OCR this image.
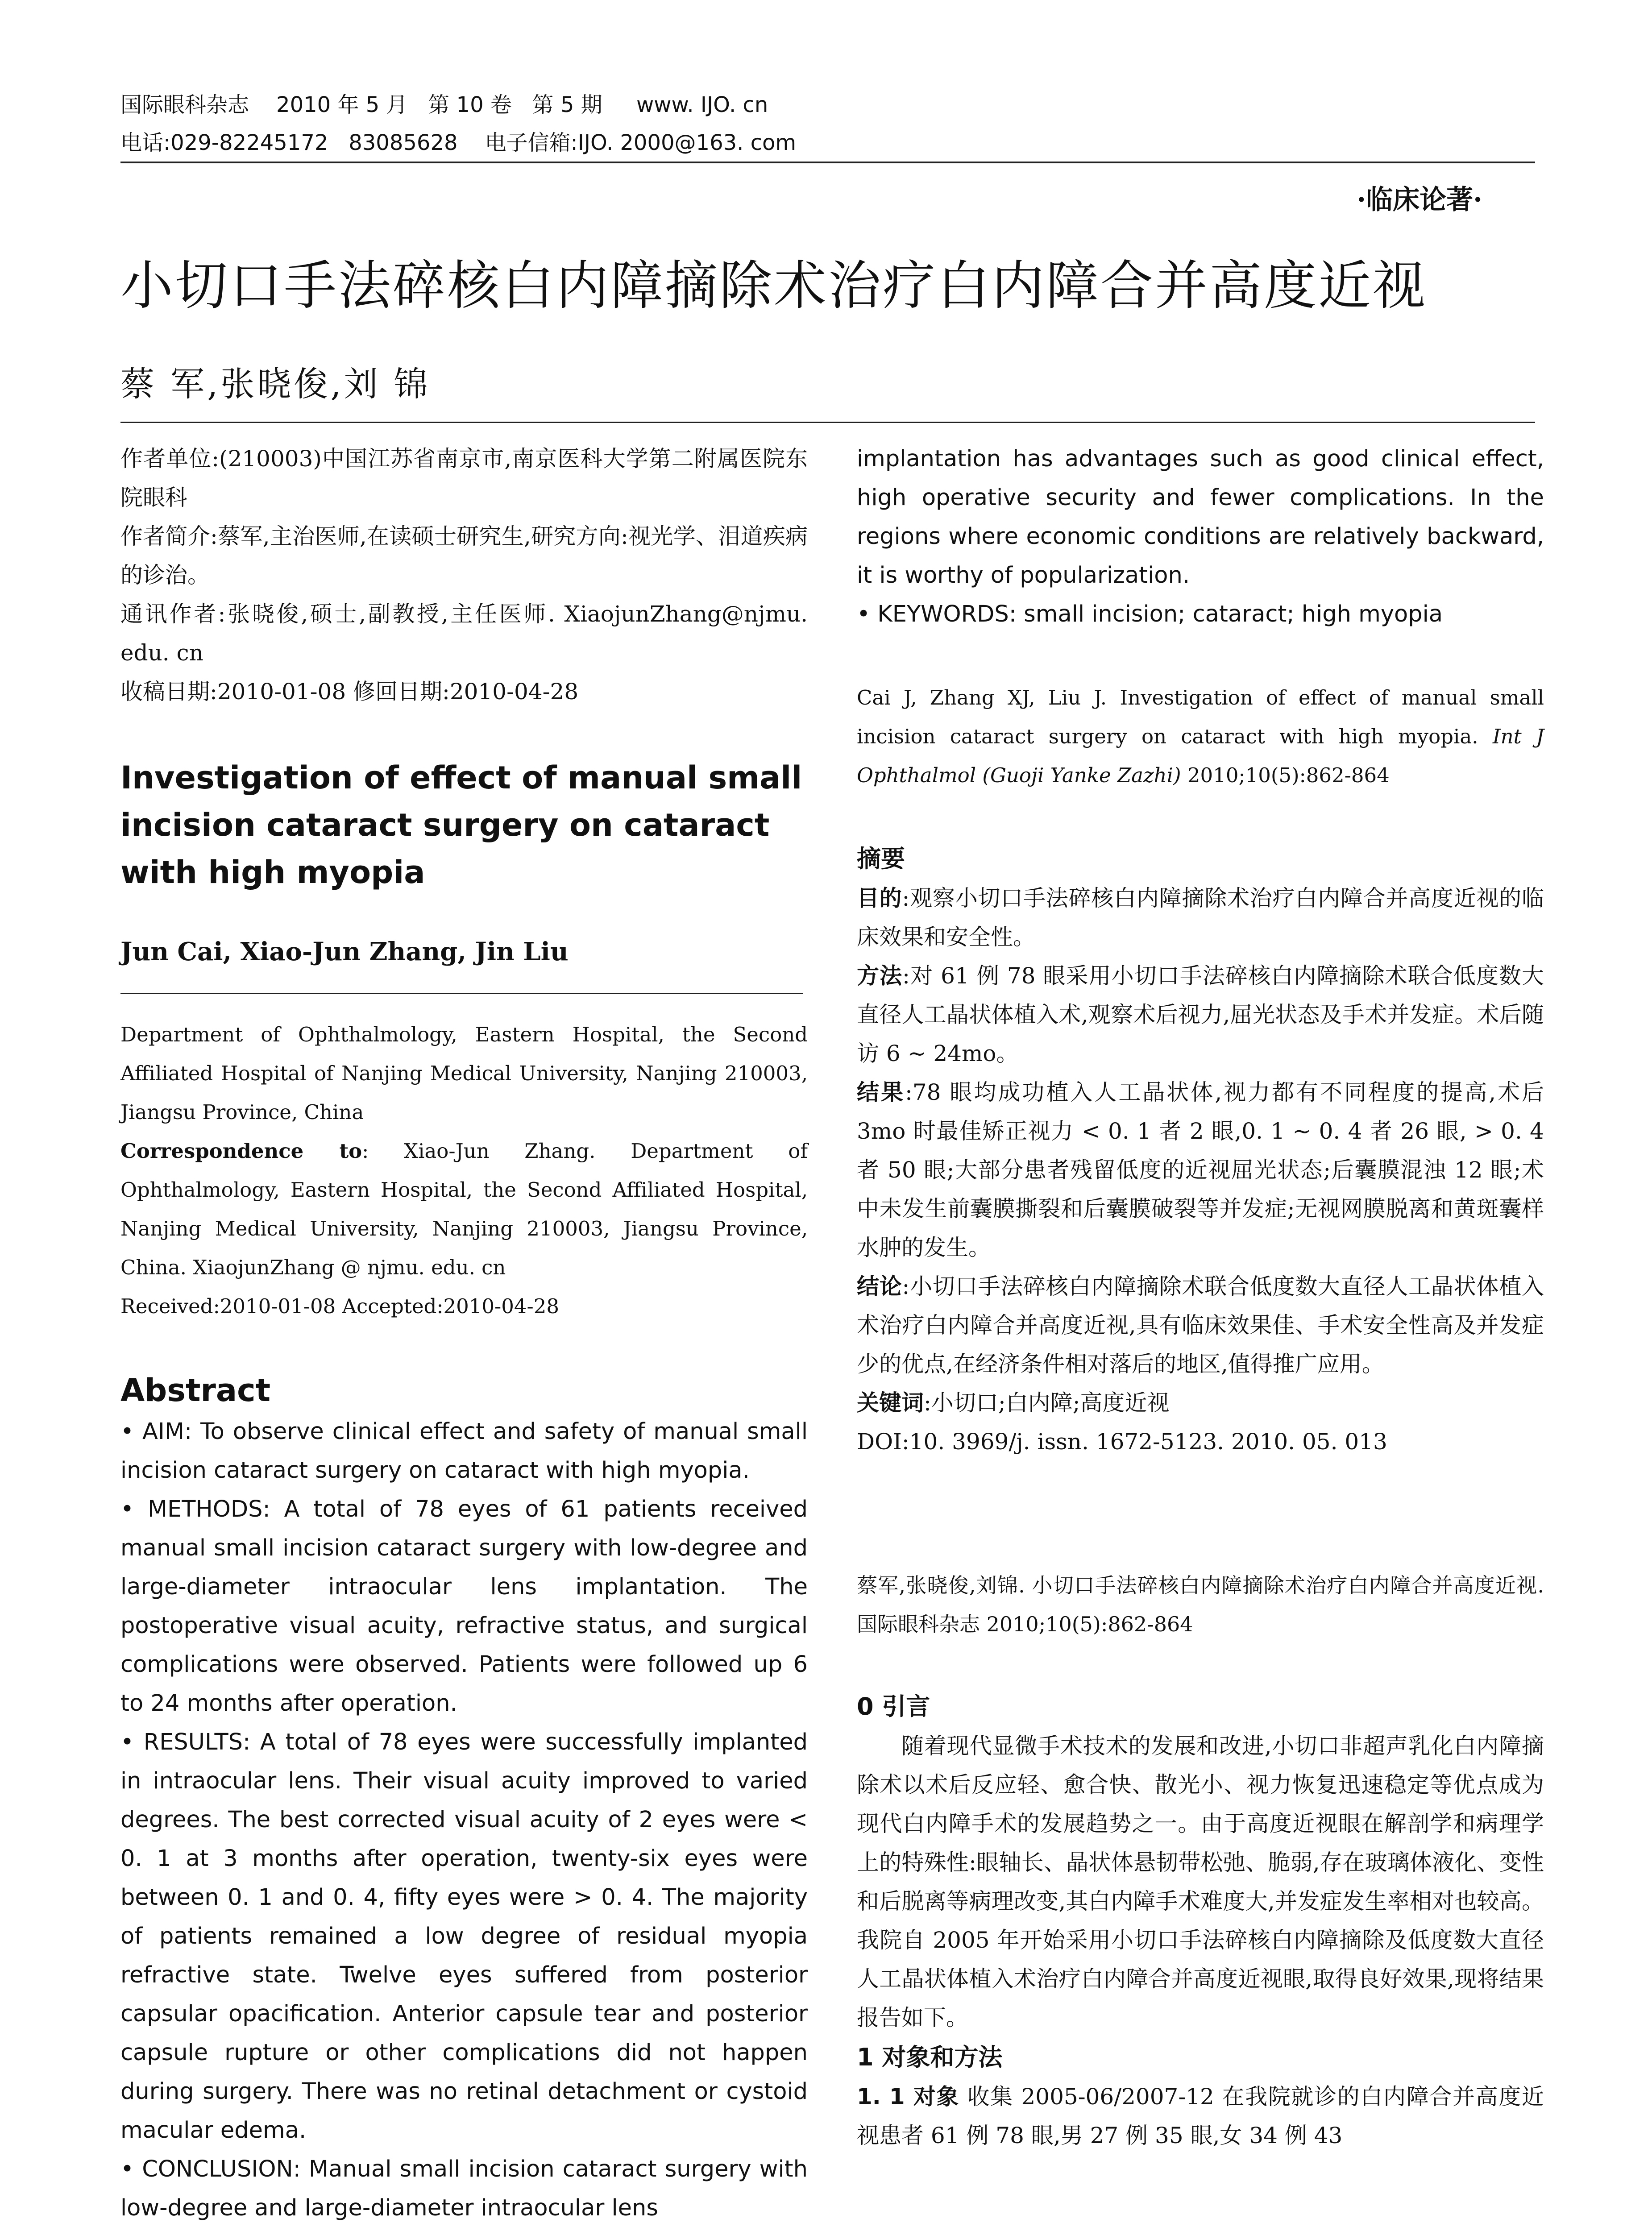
国际眼科杂志    2010 年 5 月   第 10 卷   第 5 期     www. IJO. cn
电话:029-82245172   83085628    电子信箱:IJO. 2000@163. com
·临床论著·
小切口手法碎核白内障摘除术治疗白内障合并高度近视
蔡 军,张晓俊,刘 锦

作者单位:(210003)中国江苏省南京市,南京医科大学第二附属医院东院眼科

作者简介:蔡军,主治医师,在读硕士研究生,研究方向:视光学、泪道疾病的诊治。

通讯作者:张晓俊,硕士,副教授,主任医师. XiaojunZhang@njmu. edu. cn

收稿日期:2010-01-08 修回日期:2010-04-28

Investigation of effect of manual small incision cataract surgery on cataract with high myopia

Jun Cai, Xiao-Jun Zhang, Jin Liu

Department of Ophthalmology, Eastern Hospital, the Second Affiliated Hospital of Nanjing Medical University, Nanjing 210003, Jiangsu Province, China

Correspondence to: Xiao-Jun Zhang. Department of Ophthalmology, Eastern Hospital, the Second Affiliated Hospital, Nanjing Medical University, Nanjing 210003, Jiangsu Province, China. XiaojunZhang @ njmu. edu. cn

Received:2010-01-08 Accepted:2010-04-28

Abstract

• AIM: To observe clinical effect and safety of manual small incision cataract surgery on cataract with high myopia.

• METHODS: A total of 78 eyes of 61 patients received manual small incision cataract surgery with low-degree and large-diameter intraocular lens implantation. The postoperative visual acuity, refractive status, and surgical complications were observed. Patients were followed up 6 to 24 months after operation.

• RESULTS: A total of 78 eyes were successfully implanted in intraocular lens. Their visual acuity improved to varied degrees. The best corrected visual acuity of 2 eyes were < 0. 1 at 3 months after operation, twenty-six eyes were between 0. 1 and 0. 4, fifty eyes were > 0. 4. The majority of patients remained a low degree of residual myopia refractive state. Twelve eyes suffered from posterior capsular opacification. Anterior capsule tear and posterior capsule rupture or other complications did not happen during surgery. There was no retinal detachment or cystoid macular edema.

• CONCLUSION: Manual small incision cataract surgery with low-degree and large-diameter intraocular lens

implantation has advantages such as good clinical effect, high operative security and fewer complications. In the regions where economic conditions are relatively backward, it is worthy of popularization.

• KEYWORDS: small incision; cataract; high myopia

Cai J, Zhang XJ, Liu J. Investigation of effect of manual small incision cataract surgery on cataract with high myopia. Int J Ophthalmol (Guoji Yanke Zazhi) 2010;10(5):862-864

摘要

目的:观察小切口手法碎核白内障摘除术治疗白内障合并高度近视的临床效果和安全性。

方法:对 61 例 78 眼采用小切口手法碎核白内障摘除术联合低度数大直径人工晶状体植入术,观察术后视力,屈光状态及手术并发症。术后随访 6 ~ 24mo。

结果:78 眼均成功植入人工晶状体,视力都有不同程度的提高,术后 3mo 时最佳矫正视力 < 0. 1 者 2 眼,0. 1 ~ 0. 4 者 26 眼, > 0. 4 者 50 眼;大部分患者残留低度的近视屈光状态;后囊膜混浊 12 眼;术中未发生前囊膜撕裂和后囊膜破裂等并发症;无视网膜脱离和黄斑囊样水肿的发生。

结论:小切口手法碎核白内障摘除术联合低度数大直径人工晶状体植入术治疗白内障合并高度近视,具有临床效果佳、手术安全性高及并发症少的优点,在经济条件相对落后的地区,值得推广应用。

关键词:小切口;白内障;高度近视

DOI:10. 3969/j. issn. 1672-5123. 2010. 05. 013

蔡军,张晓俊,刘锦. 小切口手法碎核白内障摘除术治疗白内障合并高度近视. 国际眼科杂志 2010;10(5):862-864

0 引言

随着现代显微手术技术的发展和改进,小切口非超声乳化白内障摘除术以术后反应轻、愈合快、散光小、视力恢复迅速稳定等优点成为现代白内障手术的发展趋势之一。由于高度近视眼在解剖学和病理学上的特殊性:眼轴长、晶状体悬韧带松弛、脆弱,存在玻璃体液化、变性和后脱离等病理改变,其白内障手术难度大,并发症发生率相对也较高。我院自 2005 年开始采用小切口手法碎核白内障摘除及低度数大直径人工晶状体植入术治疗白内障合并高度近视眼,取得良好效果,现将结果报告如下。

1 对象和方法

1. 1 对象 收集 2005-06/2007-12 在我院就诊的白内障合并高度近视患者 61 例 78 眼,男 27 例 35 眼,女 34 例 43
